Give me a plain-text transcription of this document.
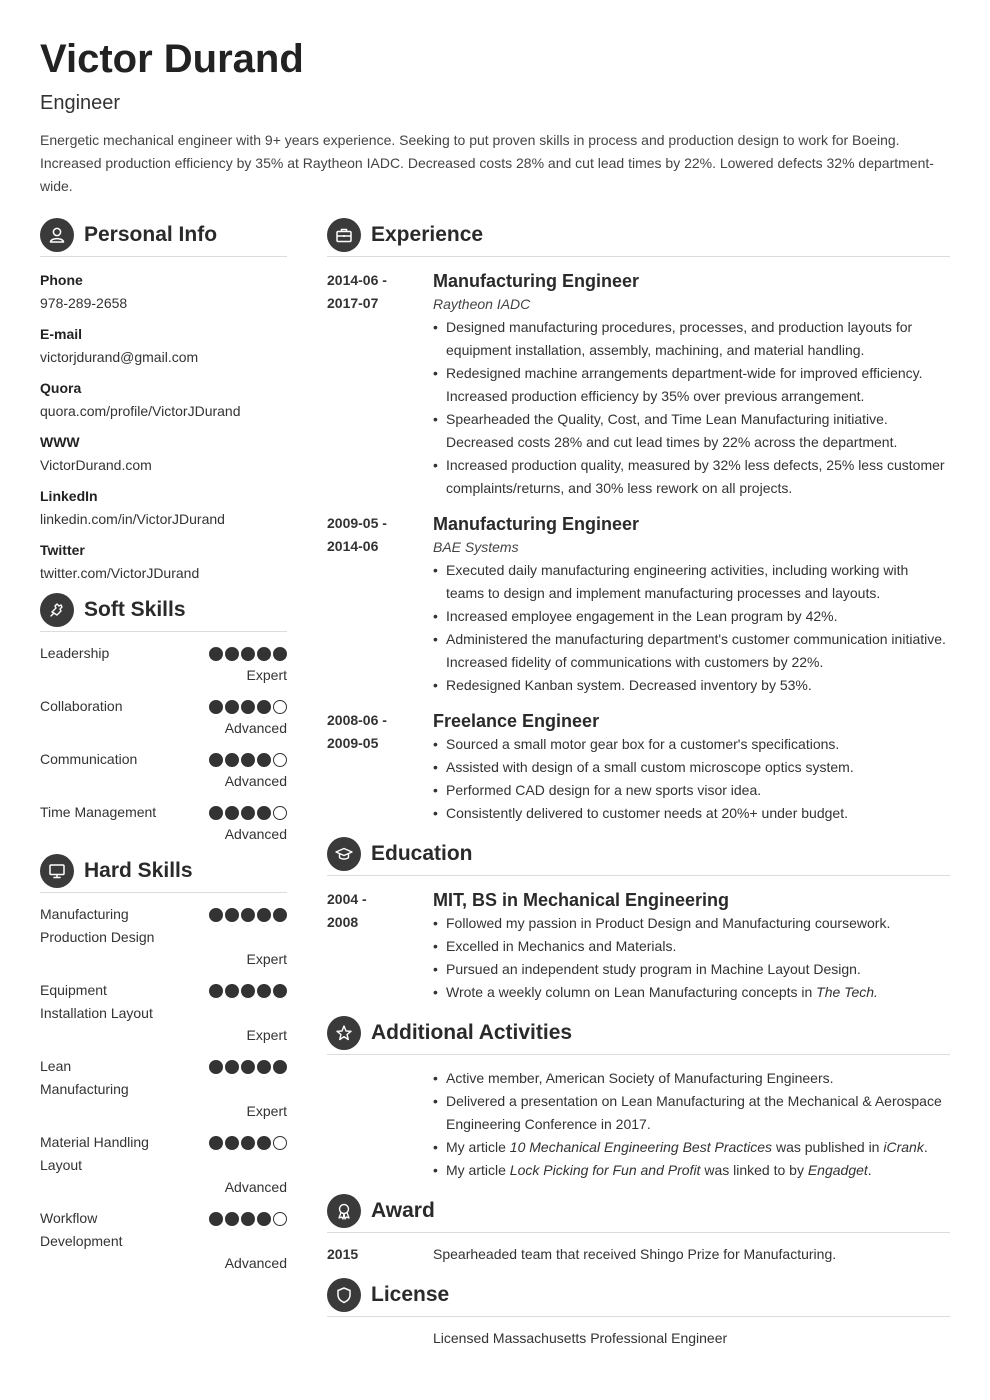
Victor Durand
Engineer
Energetic mechanical engineer with 9+ years experience. Seeking to put proven skills in process and production design to work for Boeing. Increased production efficiency by 35% at Raytheon IADC. Decreased costs 28% and cut lead times by 22%. Lowered defects 32% department-wide.
Personal Info
Phone
978-289-2658
E-mail
victorjdurand@gmail.com
Quora
quora.com/profile/VictorJDurand
WWW
VictorDurand.com
LinkedIn
linkedin.com/in/VictorJDurand
Twitter
twitter.com/VictorJDurand
Soft Skills
Leadership
Expert
Collaboration
Advanced
Communication
Advanced
Time Management
Advanced
Hard Skills
Manufacturing Production Design
Expert
Equipment Installation Layout
Expert
Lean Manufacturing
Expert
Material Handling Layout
Advanced
Workflow Development
Advanced
Experience
2014-06 -
2017-07
Manufacturing Engineer
Raytheon IADC
• Designed manufacturing procedures, processes, and production layouts for equipment installation, assembly, machining, and material handling.
• Redesigned machine arrangements department-wide for improved efficiency. Increased production efficiency by 35% over previous arrangement.
• Spearheaded the Quality, Cost, and Time Lean Manufacturing initiative. Decreased costs 28% and cut lead times by 22% across the department.
• Increased production quality, measured by 32% less defects, 25% less customer complaints/returns, and 30% less rework on all projects.
2009-05 -
2014-06
Manufacturing Engineer
BAE Systems
• Executed daily manufacturing engineering activities, including working with teams to design and implement manufacturing processes and layouts.
• Increased employee engagement in the Lean program by 42%.
• Administered the manufacturing department's customer communication initiative. Increased fidelity of communications with customers by 22%.
• Redesigned Kanban system. Decreased inventory by 53%.
2008-06 -
2009-05
Freelance Engineer
• Sourced a small motor gear box for a customer's specifications.
• Assisted with design of a small custom microscope optics system.
• Performed CAD design for a new sports visor idea.
• Consistently delivered to customer needs at 20%+ under budget.
Education
2004 -
2008
MIT, BS in Mechanical Engineering
• Followed my passion in Product Design and Manufacturing coursework.
• Excelled in Mechanics and Materials.
• Pursued an independent study program in Machine Layout Design.
• Wrote a weekly column on Lean Manufacturing concepts in The Tech.
Additional Activities
• Active member, American Society of Manufacturing Engineers.
• Delivered a presentation on Lean Manufacturing at the Mechanical & Aerospace Engineering Conference in 2017.
• My article 10 Mechanical Engineering Best Practices was published in iCrank.
• My article Lock Picking for Fun and Profit was linked to by Engadget.
Award
2015	Spearheaded team that received Shingo Prize for Manufacturing.
License
Licensed Massachusetts Professional Engineer
